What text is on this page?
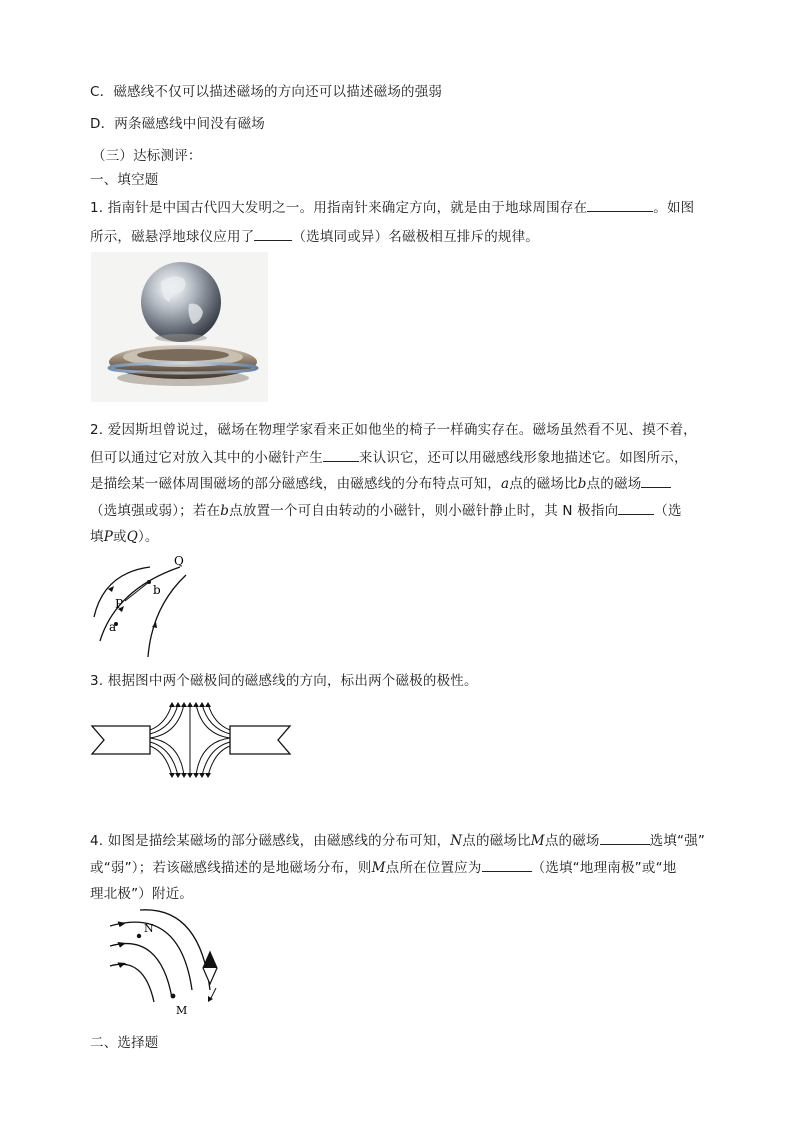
C．磁感线不仅可以描述磁场的方向还可以描述磁场的强弱
D．两条磁感线中间没有磁场
（三）达标测评：
一、填空题
1. 指南针是中国古代四大发明之一。用指南针来确定方向，就是由于地球周围存在	。如图
所示，磁悬浮地球仪应用了	（选填同或异）名磁极相互排斥的规律。
2. 爱因斯坦曾说过，磁场在物理学家看来正如他坐的椅子一样确实存在。磁场虽然看不见、摸不着，
但可以通过它对放入其中的小磁针产生	来认识它，还可以用磁感线形象地描述它。如图所示，
是描绘某一磁体周围磁场的部分磁感线，由磁感线的分布特点可知，a点的磁场比b点的磁场
（选填强或弱）；若在b点放置一个可自由转动的小磁针，则小磁针静止时，其 N 极指向	（选
填P或Q）。
Q
b
P
a
3. 根据图中两个磁极间的磁感线的方向，标出两个磁极的极性。
4. 如图是描绘某磁场的部分磁感线，由磁感线的分布可知，N点的磁场比M点的磁场	选填“强”
或“弱”）；若该磁感线描述的是地磁场分布，则M点所在位置应为	（选填“地理南极”或“地
理北极”）附近。
N
M
二、选择题
